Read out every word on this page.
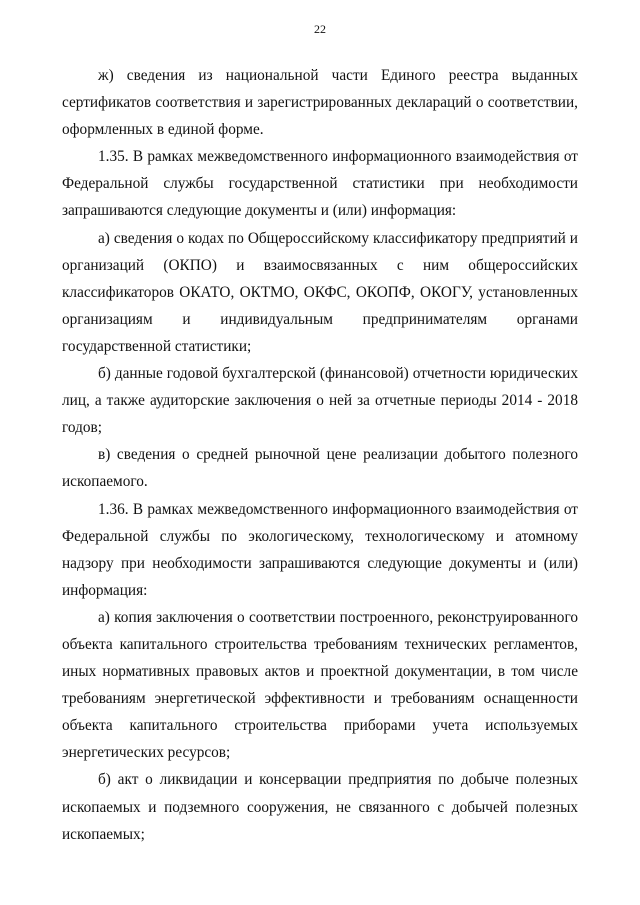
22

ж) сведения из национальной части Единого реестра выданных сертификатов соответствия и зарегистрированных деклараций о соответствии, оформленных в единой форме.

1.35. В рамках межведомственного информационного взаимодействия от Федеральной службы государственной статистики при необходимости запрашиваются следующие документы и (или) информация:

а) сведения о кодах по Общероссийскому классификатору предприятий и организаций (ОКПО) и взаимосвязанных с ним общероссийских классификаторов ОКАТО, ОКТМО, ОКФС, ОКОПФ, ОКОГУ, установленных организациям и индивидуальным предпринимателям органами государственной статистики;

б) данные годовой бухгалтерской (финансовой) отчетности юридических лиц, а также аудиторские заключения о ней за отчетные периоды 2014 - 2018 годов;

в) сведения о средней рыночной цене реализации добытого полезного ископаемого.

1.36. В рамках межведомственного информационного взаимодействия от Федеральной службы по экологическому, технологическому и атомному надзору при необходимости запрашиваются следующие документы и (или) информация:

а) копия заключения о соответствии построенного, реконструированного объекта капитального строительства требованиям технических регламентов, иных нормативных правовых актов и проектной документации, в том числе требованиям энергетической эффективности и требованиям оснащенности объекта капитального строительства приборами учета используемых энергетических ресурсов;

б) акт о ликвидации и консервации предприятия по добыче полезных ископаемых и подземного сооружения, не связанного с добычей полезных ископаемых;
